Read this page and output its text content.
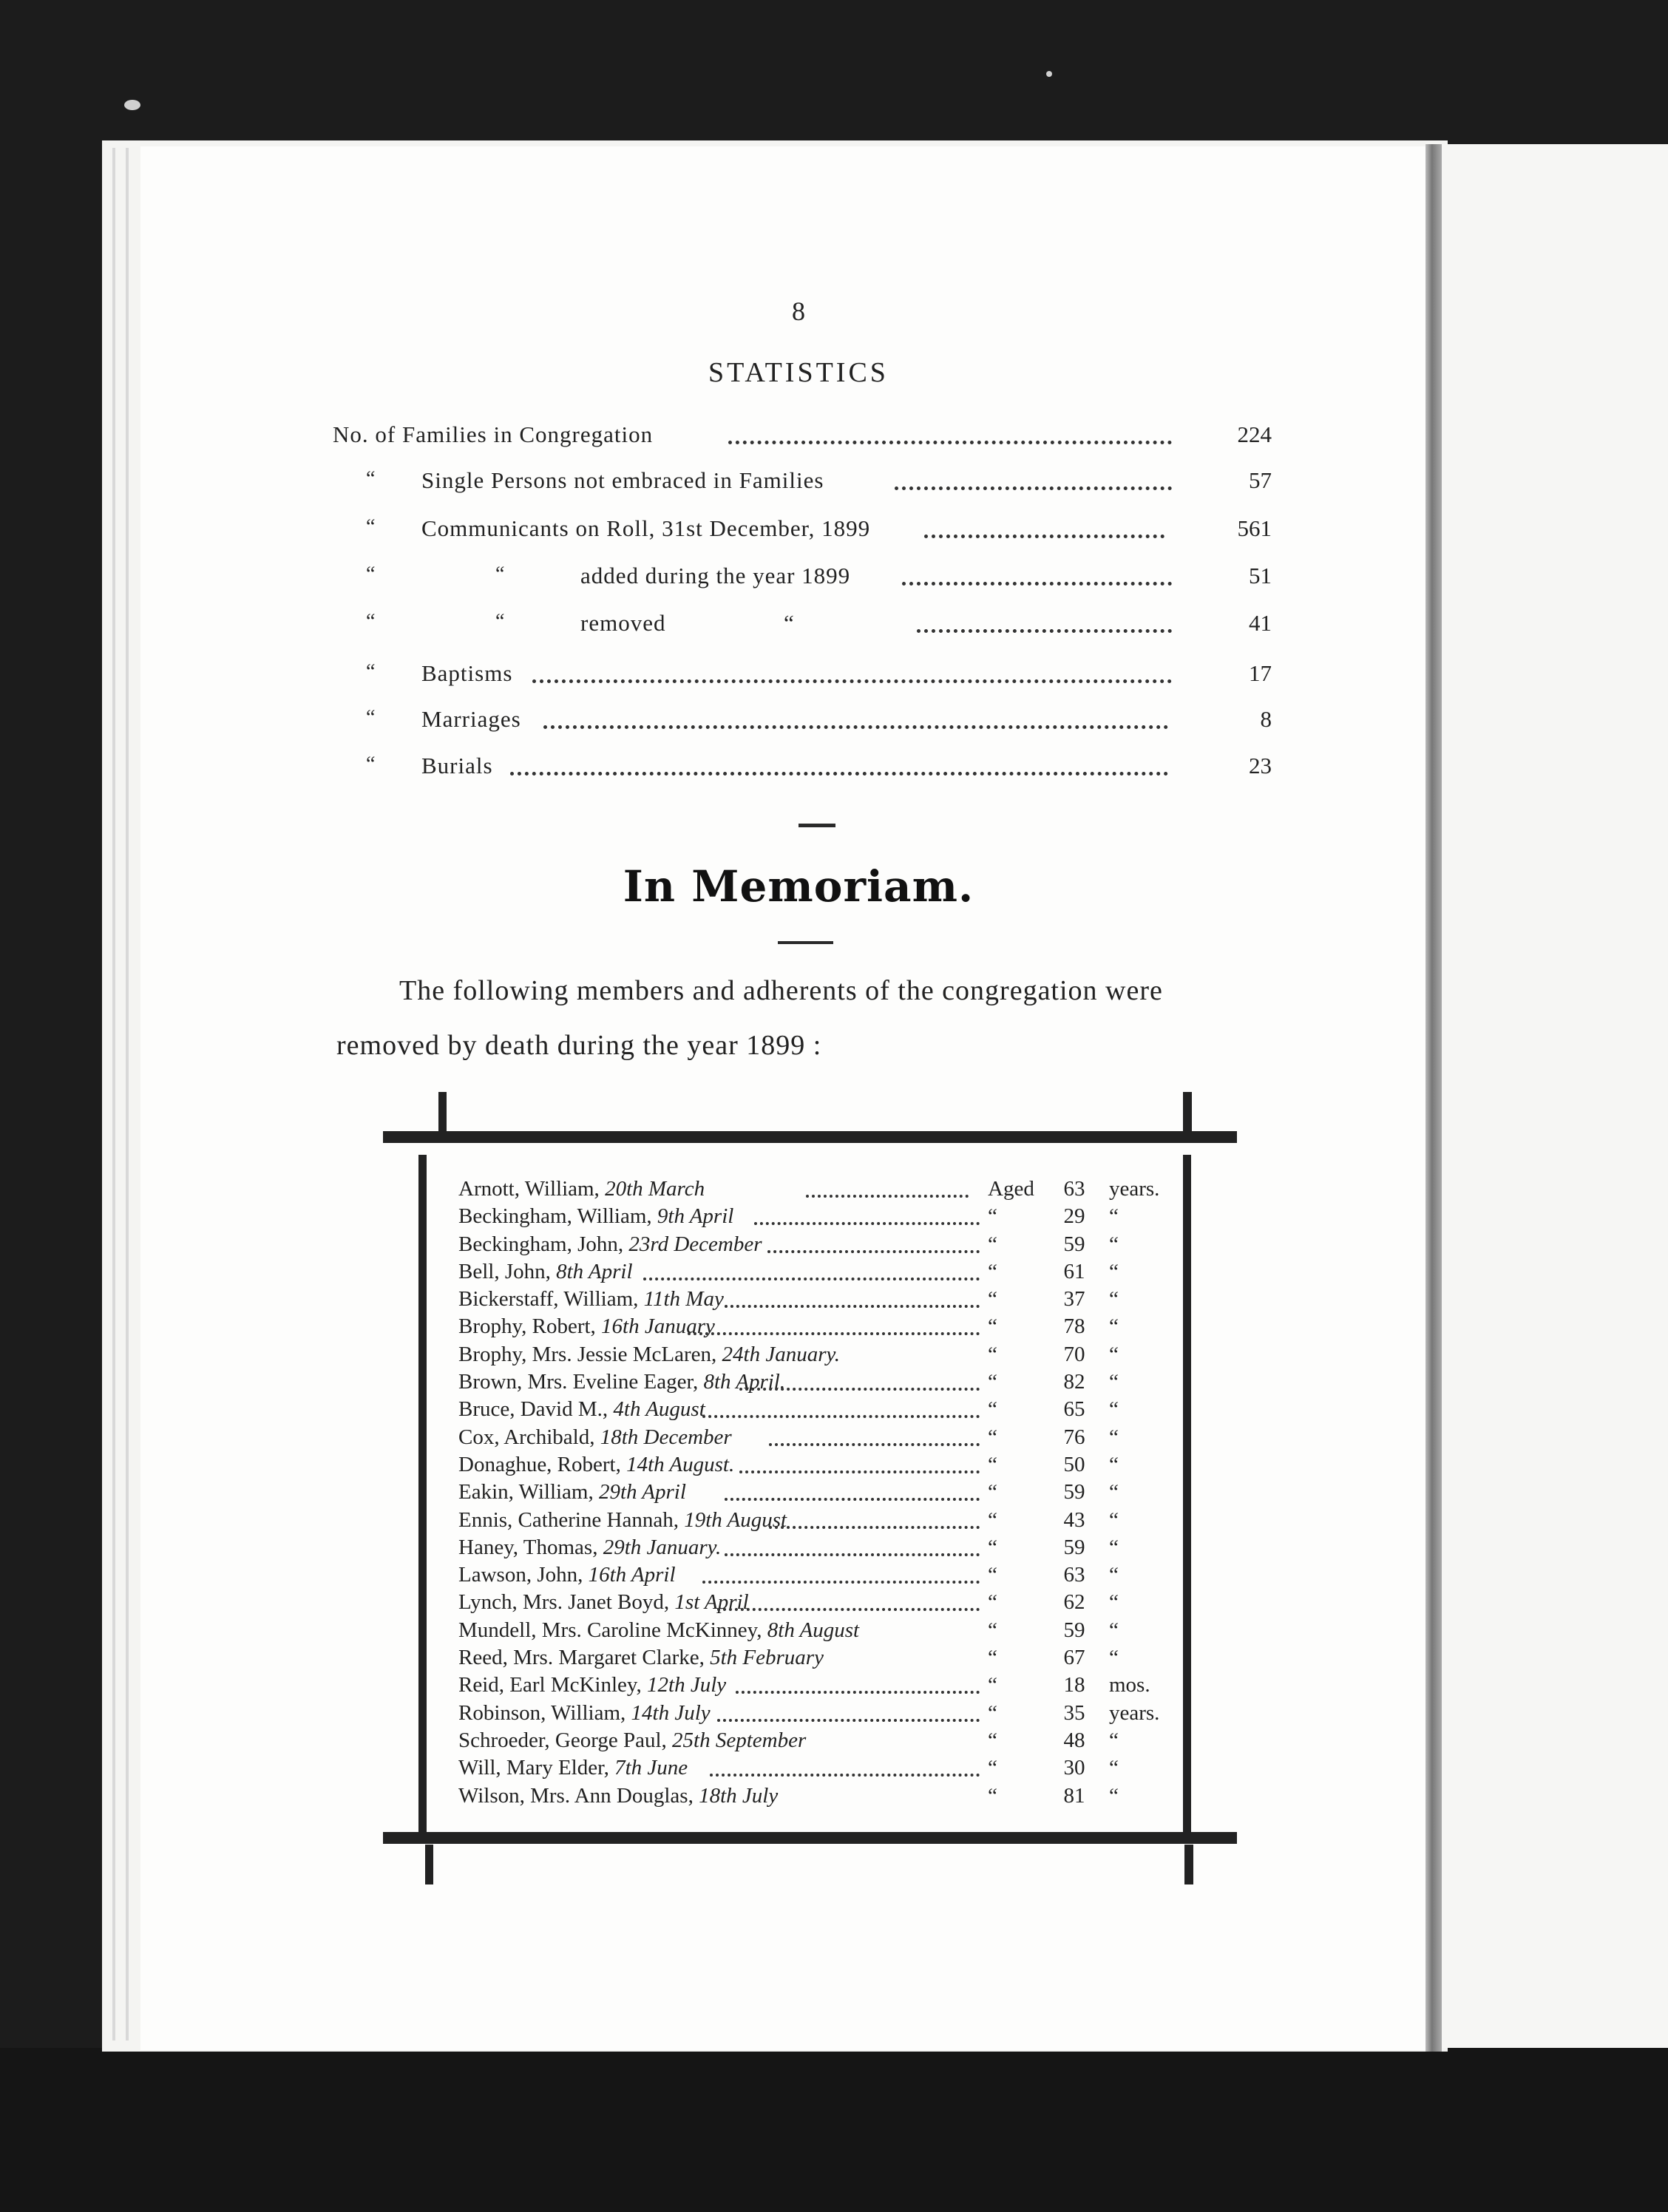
8
STATISTICS
No. of Families in Congregation	224
“ Single Persons not embraced in Families	57
“ Communicants on Roll, 31st December, 1899	561
“	“	added during the year 1899	51
“	“	removed	“	41
“ Baptisms	17
“ Marriages	8
“ Burials	23
In Memoriam.
The following members and adherents of the congregation were
removed by death during the year 1899 :
Arnott, William, 20th March	Aged	63	years.
Beckingham, William, 9th April	“	29	“
Beckingham, John, 23rd December	“	59	“
Bell, John, 8th April	“	61	“
Bickerstaff, William, 11th May	“	37	“
Brophy, Robert, 16th January	“	78	“
Brophy, Mrs. Jessie McLaren, 24th January.	“	70	“
Brown, Mrs. Eveline Eager, 8th April.	“	82	“
Bruce, David M., 4th August	“	65	“
Cox, Archibald, 18th December	“	76	“
Donaghue, Robert, 14th August.	“	50	“
Eakin, William, 29th April	“	59	“
Ennis, Catherine Hannah, 19th August	“	43	“
Haney, Thomas, 29th January.	“	59	“
Lawson, John, 16th April	“	63	“
Lynch, Mrs. Janet Boyd, 1st April	“	62	“
Mundell, Mrs. Caroline McKinney, 8th August	“	59	“
Reed, Mrs. Margaret Clarke, 5th February	“	67	“
Reid, Earl McKinley, 12th July	“	18	mos.
Robinson, William, 14th July	“	35	years.
Schroeder, George Paul, 25th September	“	48	“
Will, Mary Elder, 7th June	“	30	“
Wilson, Mrs. Ann Douglas, 18th July	“	81	“
